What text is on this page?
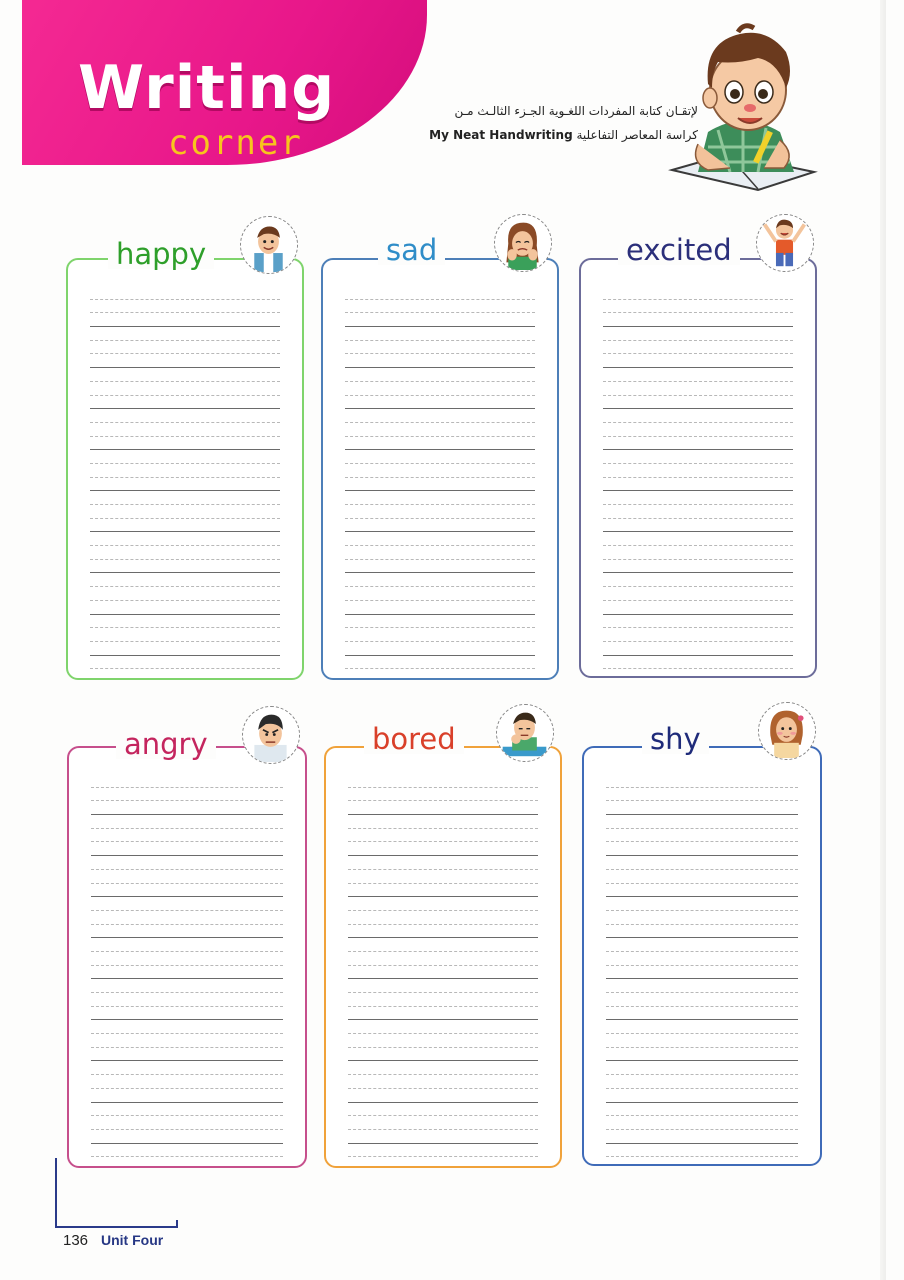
Writing
corner
لإتقـان كتابة المفردات اللغـوية الجـزء الثالـث مـن
كراسة المعاصر التفاعلية My Neat Handwriting
happy	sad	excited
angry	bored	shy
136 Unit Four
